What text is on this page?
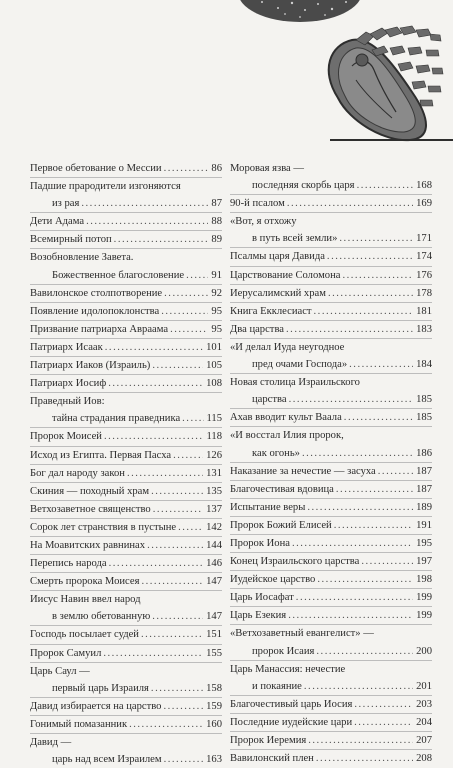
Первое обетование о Мессии .....	86
Падшие прародители изгоняются
из рая .....	87
Дети Адама .....	88
Всемирный потоп .....	89
Возобновление Завета.
Божественное благословение .....	91
Вавилонское столпотворение .....	92
Появление идолопоклонства .....	95
Призвание патриарха Авраама .....	95
Патриарх Исаак .....	101
Патриарх Иаков (Израиль) .....	105
Патриарх Иосиф .....	108
Праведный Иов:
тайна страдания праведника ..... 115
Пророк Моисей .....	118
Исход из Египта. Первая Пасха .....	126
Бог дал народу закон .....	131
Скиния — походный храм .....	135
Ветхозаветное священство .....	137
Сорок лет странствия в пустыне .....	142
На Моавитских равнинах .....	144
Перепись народа .....	146
Смерть пророка Моисея .....	147
Иисус Навин ввел народ
в землю обетованную .....	147
Господь посылает судей .....	151
Пророк Самуил .....	155
Царь Саул —
первый царь Израиля .....	158
Давид избирается на царство .....	159
Гонимый помазанник .....	160
Давид —
царь над всем Израилем .....	163
Моровая язва —
последняя скорбь царя .....	168
90-й псалом .....	169
«Вот, я отхожу
в путь всей земли» .....	171
Псалмы царя Давида .....	174
Царствование Соломона .....	176
Иерусалимский храм .....	178
Книга Екклесиаст .....	181
Два царства .....	183
«И делал Иуда неугодное
пред очами Господа» .....	184
Новая столица Израильского
царства .....	185
Ахав вводит культ Ваала .....	185
«И восстал Илия пророк,
как огонь» .....	186
Наказание за нечестие — засуха .....	187
Благочестивая вдовица .....	187
Испытание веры .....	189
Пророк Божий Елисей .....	191
Пророк Иона .....	195
Конец Израильского царства .....	197
Иудейское царство .....	198
Царь Иосафат .....	199
Царь Езекия .....	199
«Ветхозаветный евангелист» —
пророк Исаия .....	200
Царь Манассия: нечестие
и покаяние .....	201
Благочестивый царь Иосия .....	203
Последние иудейские цари .....	204
Пророк Иеремия .....	207
Вавилонский плен .....	208
